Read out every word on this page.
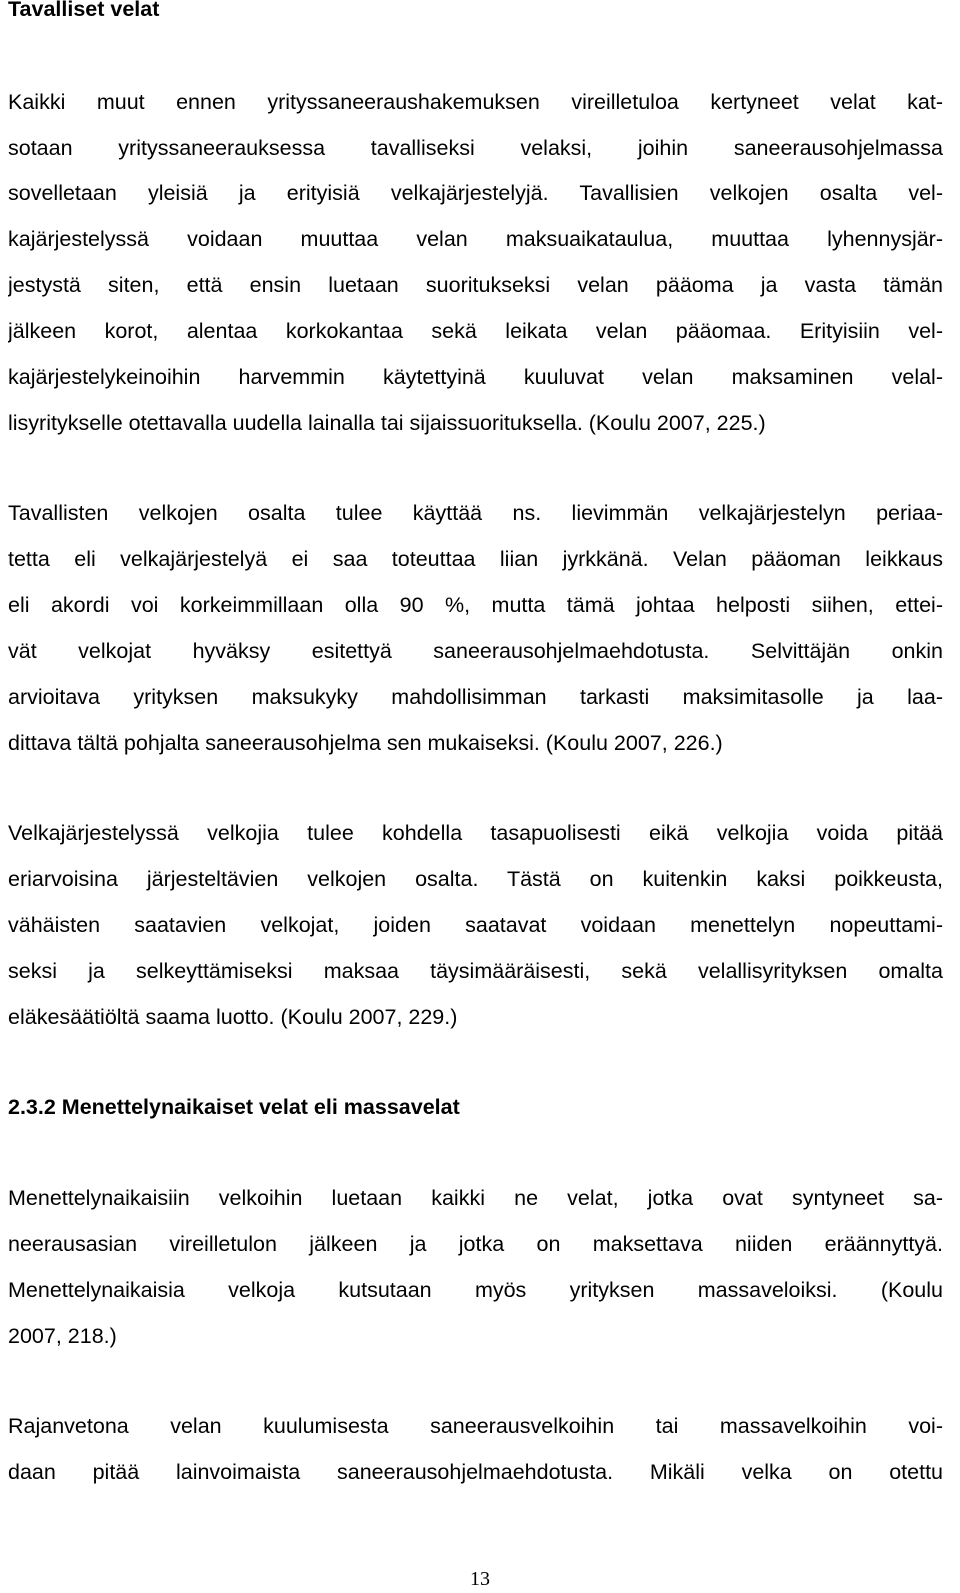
Tavalliset velat
Kaikki muut ennen yrityssaneeraushakemuksen vireilletuloa kertyneet velat kat-
sotaan yrityssaneerauksessa tavalliseksi velaksi, joihin saneerausohjelmassa
sovelletaan yleisiä ja erityisiä velkajärjestelyjä. Tavallisien velkojen osalta vel-
kajärjestelyssä voidaan muuttaa velan maksuaikataulua, muuttaa lyhennysjär-
jestystä siten, että ensin luetaan suoritukseksi velan pääoma ja vasta tämän
jälkeen korot, alentaa korkokantaa sekä leikata velan pääomaa. Erityisiin vel-
kajärjestelykeinoihin harvemmin käytettyinä kuuluvat velan maksaminen velal-
lisyritykselle otettavalla uudella lainalla tai sijaissuorituksella. (Koulu 2007, 225.)
Tavallisten velkojen osalta tulee käyttää ns. lievimmän velkajärjestelyn periaa-
tetta eli velkajärjestelyä ei saa toteuttaa liian jyrkkänä. Velan pääoman leikkaus
eli akordi voi korkeimmillaan olla 90 %, mutta tämä johtaa helposti siihen, ettei-
vät velkojat hyväksy esitettyä saneerausohjelmaehdotusta. Selvittäjän onkin
arvioitava yrityksen maksukyky mahdollisimman tarkasti maksimitasolle ja laa-
dittava tältä pohjalta saneerausohjelma sen mukaiseksi. (Koulu 2007, 226.)
Velkajärjestelyssä velkojia tulee kohdella tasapuolisesti eikä velkojia voida pitää
eriarvoisina järjesteltävien velkojen osalta. Tästä on kuitenkin kaksi poikkeusta,
vähäisten saatavien velkojat, joiden saatavat voidaan menettelyn nopeuttami-
seksi ja selkeyttämiseksi maksaa täysimääräisesti, sekä velallisyrityksen omalta
eläkesäätiöltä saama luotto. (Koulu 2007, 229.)
2.3.2 Menettelynaikaiset velat eli massavelat
Menettelynaikaisiin velkoihin luetaan kaikki ne velat, jotka ovat syntyneet sa-
neerausasian vireilletulon jälkeen ja jotka on maksettava niiden eräännyttyä.
Menettelynaikaisia velkoja kutsutaan myös yrityksen massaveloiksi. (Koulu
2007, 218.)
Rajanvetona velan kuulumisesta saneerausvelkoihin tai massavelkoihin voi-
daan pitää lainvoimaista saneerausohjelmaehdotusta. Mikäli velka on otettu
13
